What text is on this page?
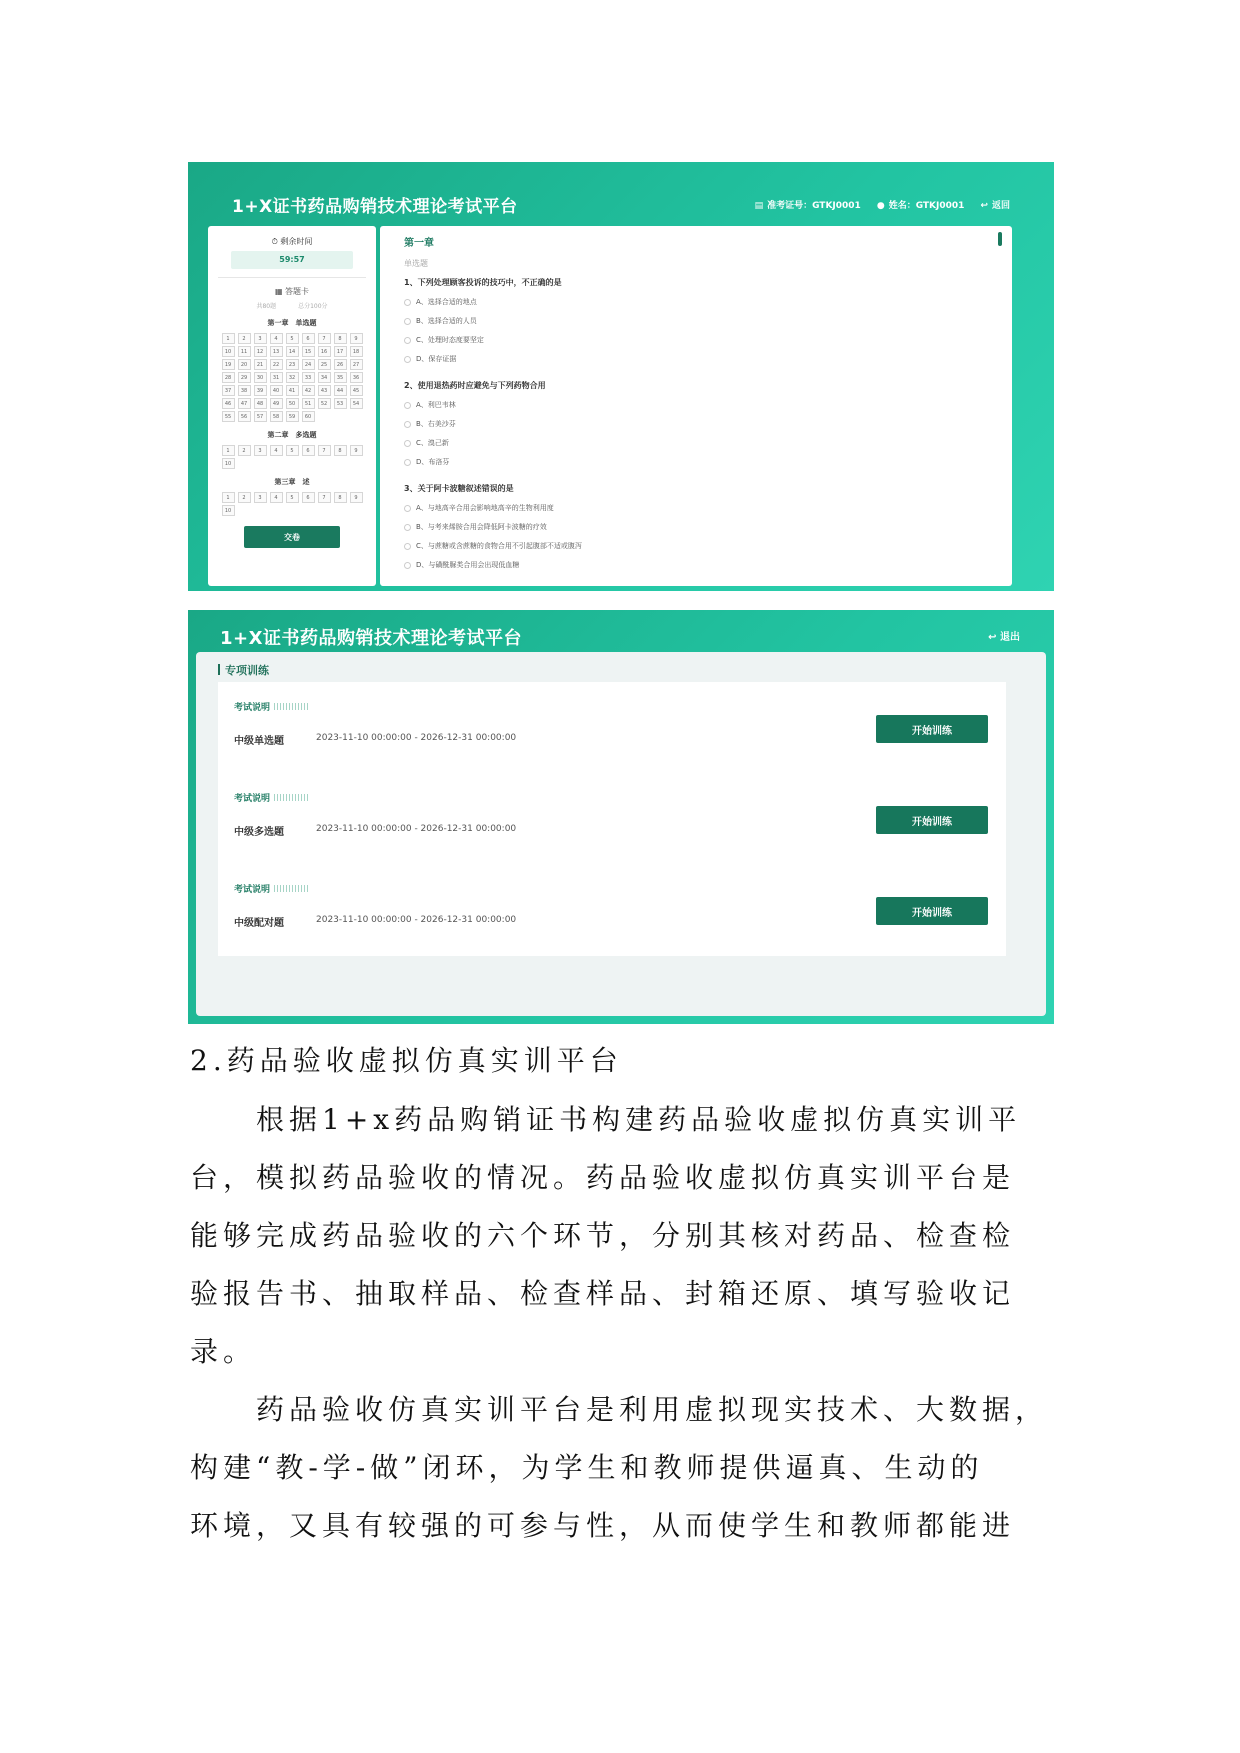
1+X证书药品购销技术理论考试平台	▤ 准考证号：GTKJ0001 ● 姓名：GTKJ0001 ↩ 返回
⏱ 剩余时间
59:57
▦ 答题卡
共80题	总分100分
第一章　单选题
1	2	3	4	5	6	7	8	9
10	11	12	13	14	15	16	17	18
19	20	21	22	23	24	25	26	27
28	29	30	31	32	33	34	35	36
37	38	39	40	41	42	43	44	45
46	47	48	49	50	51	52	53	54
55	56	57	58	59	60
第二章　多选题
1	2	3	4	5	6	7	8	9
10
第三章　述
1	2	3	4	5	6	7	8	9
10
交卷
第一章
单选题
1、下列处理顾客投诉的技巧中，不正确的是
A、选择合适的地点
B、选择合适的人员
C、处理时态度要坚定
D、保存证据
2、使用退热药时应避免与下列药物合用
A、利巴韦林
B、右美沙芬
C、溴己新
D、布洛芬
3、关于阿卡波糖叙述错误的是
A、与地高辛合用会影响地高辛的生物利用度
B、与考来烯胺合用会降低阿卡波糖的疗效
C、与蔗糖或含蔗糖的食物合用不引起腹部不适或腹泻
D、与磺酰脲类合用会出现低血糖
1+X证书药品购销技术理论考试平台	↩ 退出
专项训练
考试说明
中级单选题	2023-11-10 00:00:00 - 2026-12-31 00:00:00
开始训练
考试说明
中级多选题	2023-11-10 00:00:00 - 2026-12-31 00:00:00
开始训练
考试说明
中级配对题	2023-11-10 00:00:00 - 2026-12-31 00:00:00
开始训练
2.药品验收虚拟仿真实训平台
　　根据1+x药品购销证书构建药品验收虚拟仿真实训平
台，模拟药品验收的情况。药品验收虚拟仿真实训平台是
能够完成药品验收的六个环节，分别其核对药品、检查检
验报告书、抽取样品、检查样品、封箱还原、填写验收记
录。
　　药品验收仿真实训平台是利用虚拟现实技术、大数据，
构建“教-学-做”闭环，为学生和教师提供逼真、生动的
环境，又具有较强的可参与性，从而使学生和教师都能进
